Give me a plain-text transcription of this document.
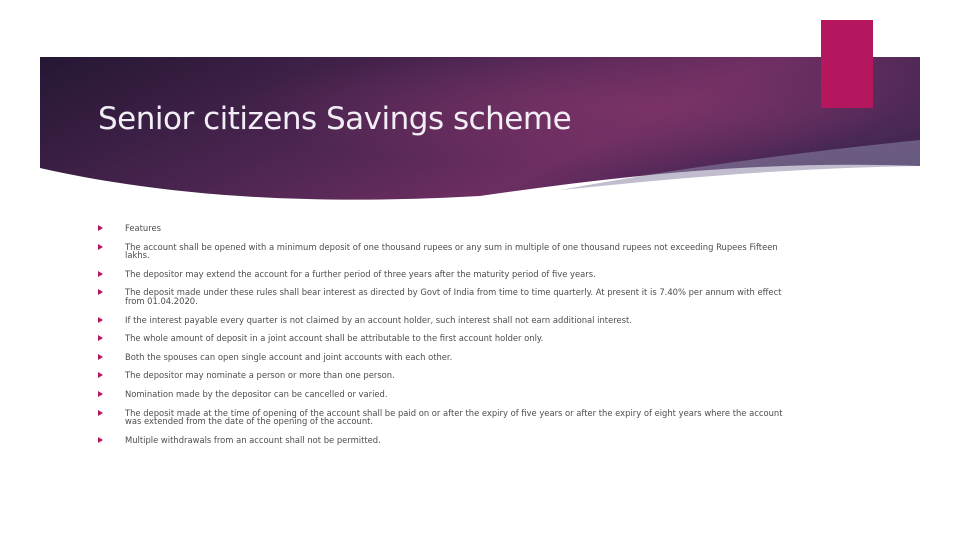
Senior citizens Savings scheme
Features
The account shall be opened with a minimum deposit of one thousand rupees or any sum in multiple of one thousand rupees not exceeding Rupees Fifteen lakhs.
The depositor may extend the account for a further period of three years after the maturity period of five years.
The deposit made under these rules shall bear interest as directed by Govt of India from time to time quarterly. At present it is 7.40% per annum with effect from 01.04.2020.
If the interest payable every quarter is not claimed by an account holder, such interest shall not earn additional interest.
The whole amount of deposit in a joint account shall be attributable to the first account holder only.
Both the spouses can open single account and joint accounts with each other.
The depositor may nominate a person or more than one person.
Nomination made by the depositor can be cancelled or varied.
The deposit made at the time of opening of the account shall be paid on or after the expiry of five years or after the expiry of eight years where the account was extended from the date of the opening of the account.
Multiple withdrawals from an account shall not be permitted.
